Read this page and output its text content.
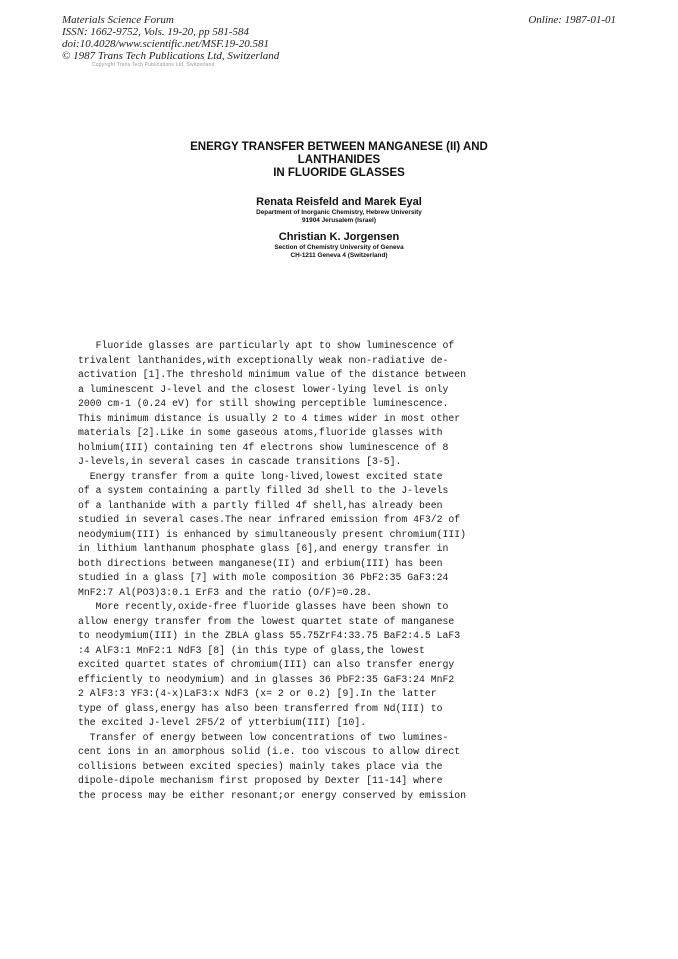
Materials Science Forum
ISSN: 1662-9752, Vols. 19-20, pp 581-584
doi:10.4028/www.scientific.net/MSF.19-20.581
© 1987 Trans Tech Publications Ltd, Switzerland
Online: 1987-01-01
Copyright Trans Tech Publications Ltd, Switzerland
ENERGY TRANSFER BETWEEN MANGANESE (II) AND
LANTHANIDES
IN FLUORIDE GLASSES
Renata Reisfeld and Marek Eyal
Department of Inorganic Chemistry, Hebrew University
91904 Jerusalem (Israel)
Christian K. Jorgensen
Section of Chemistry University of Geneva
CH-1211 Geneva 4 (Switzerland)
Fluoride glasses are particularly apt to show luminescence of
trivalent lanthanides,with exceptionally weak non-radiative de-
activation [1].The threshold minimum value of the distance between
a luminescent J-level and the closest lower-lying level is only
2000 cm-1 (0.24 eV) for still showing perceptible luminescence.
This minimum distance is usually 2 to 4 times wider in most other
materials [2].Like in some gaseous atoms,fluoride glasses with
holmium(III) containing ten 4f electrons show luminescence of 8
J-levels,in several cases in cascade transitions [3-5].
Energy transfer from a quite long-lived,lowest excited state
of a system containing a partly filled 3d shell to the J-levels
of a lanthanide with a partly filled 4f shell,has already been
studied in several cases.The near infrared emission from 4F3/2 of
neodymium(III) is enhanced by simultaneously present chromium(III)
in lithium lanthanum phosphate glass [6],and energy transfer in
both directions between manganese(II) and erbium(III) has been
studied in a glass [7] with mole composition 36 PbF2:35 GaF3:24
MnF2:7 Al(PO3)3:0.1 ErF3 and the ratio (O/F)=0.28.
More recently,oxide-free fluoride glasses have been shown to
allow energy transfer from the lowest quartet state of manganese
to neodymium(III) in the ZBLA glass 55.75ZrF4:33.75 BaF2:4.5 LaF3
:4 AlF3:1 MnF2:1 NdF3 [8] (in this type of glass,the lowest
excited quartet states of chromium(III) can also transfer energy
efficiently to neodymium) and in glasses 36 PbF2:35 GaF3:24 MnF2
2 AlF3:3 YF3:(4-x)LaF3:x NdF3 (x= 2 or 0.2) [9].In the latter
type of glass,energy has also been transferred from Nd(III) to
the excited J-level 2F5/2 of ytterbium(III) [10].
Transfer of energy between low concentrations of two lumines-
cent ions in an amorphous solid (i.e. too viscous to allow direct
collisions between excited species) mainly takes place via the
dipole-dipole mechanism first proposed by Dexter [11-14] where
the process may be either resonant;or energy conserved by emission
